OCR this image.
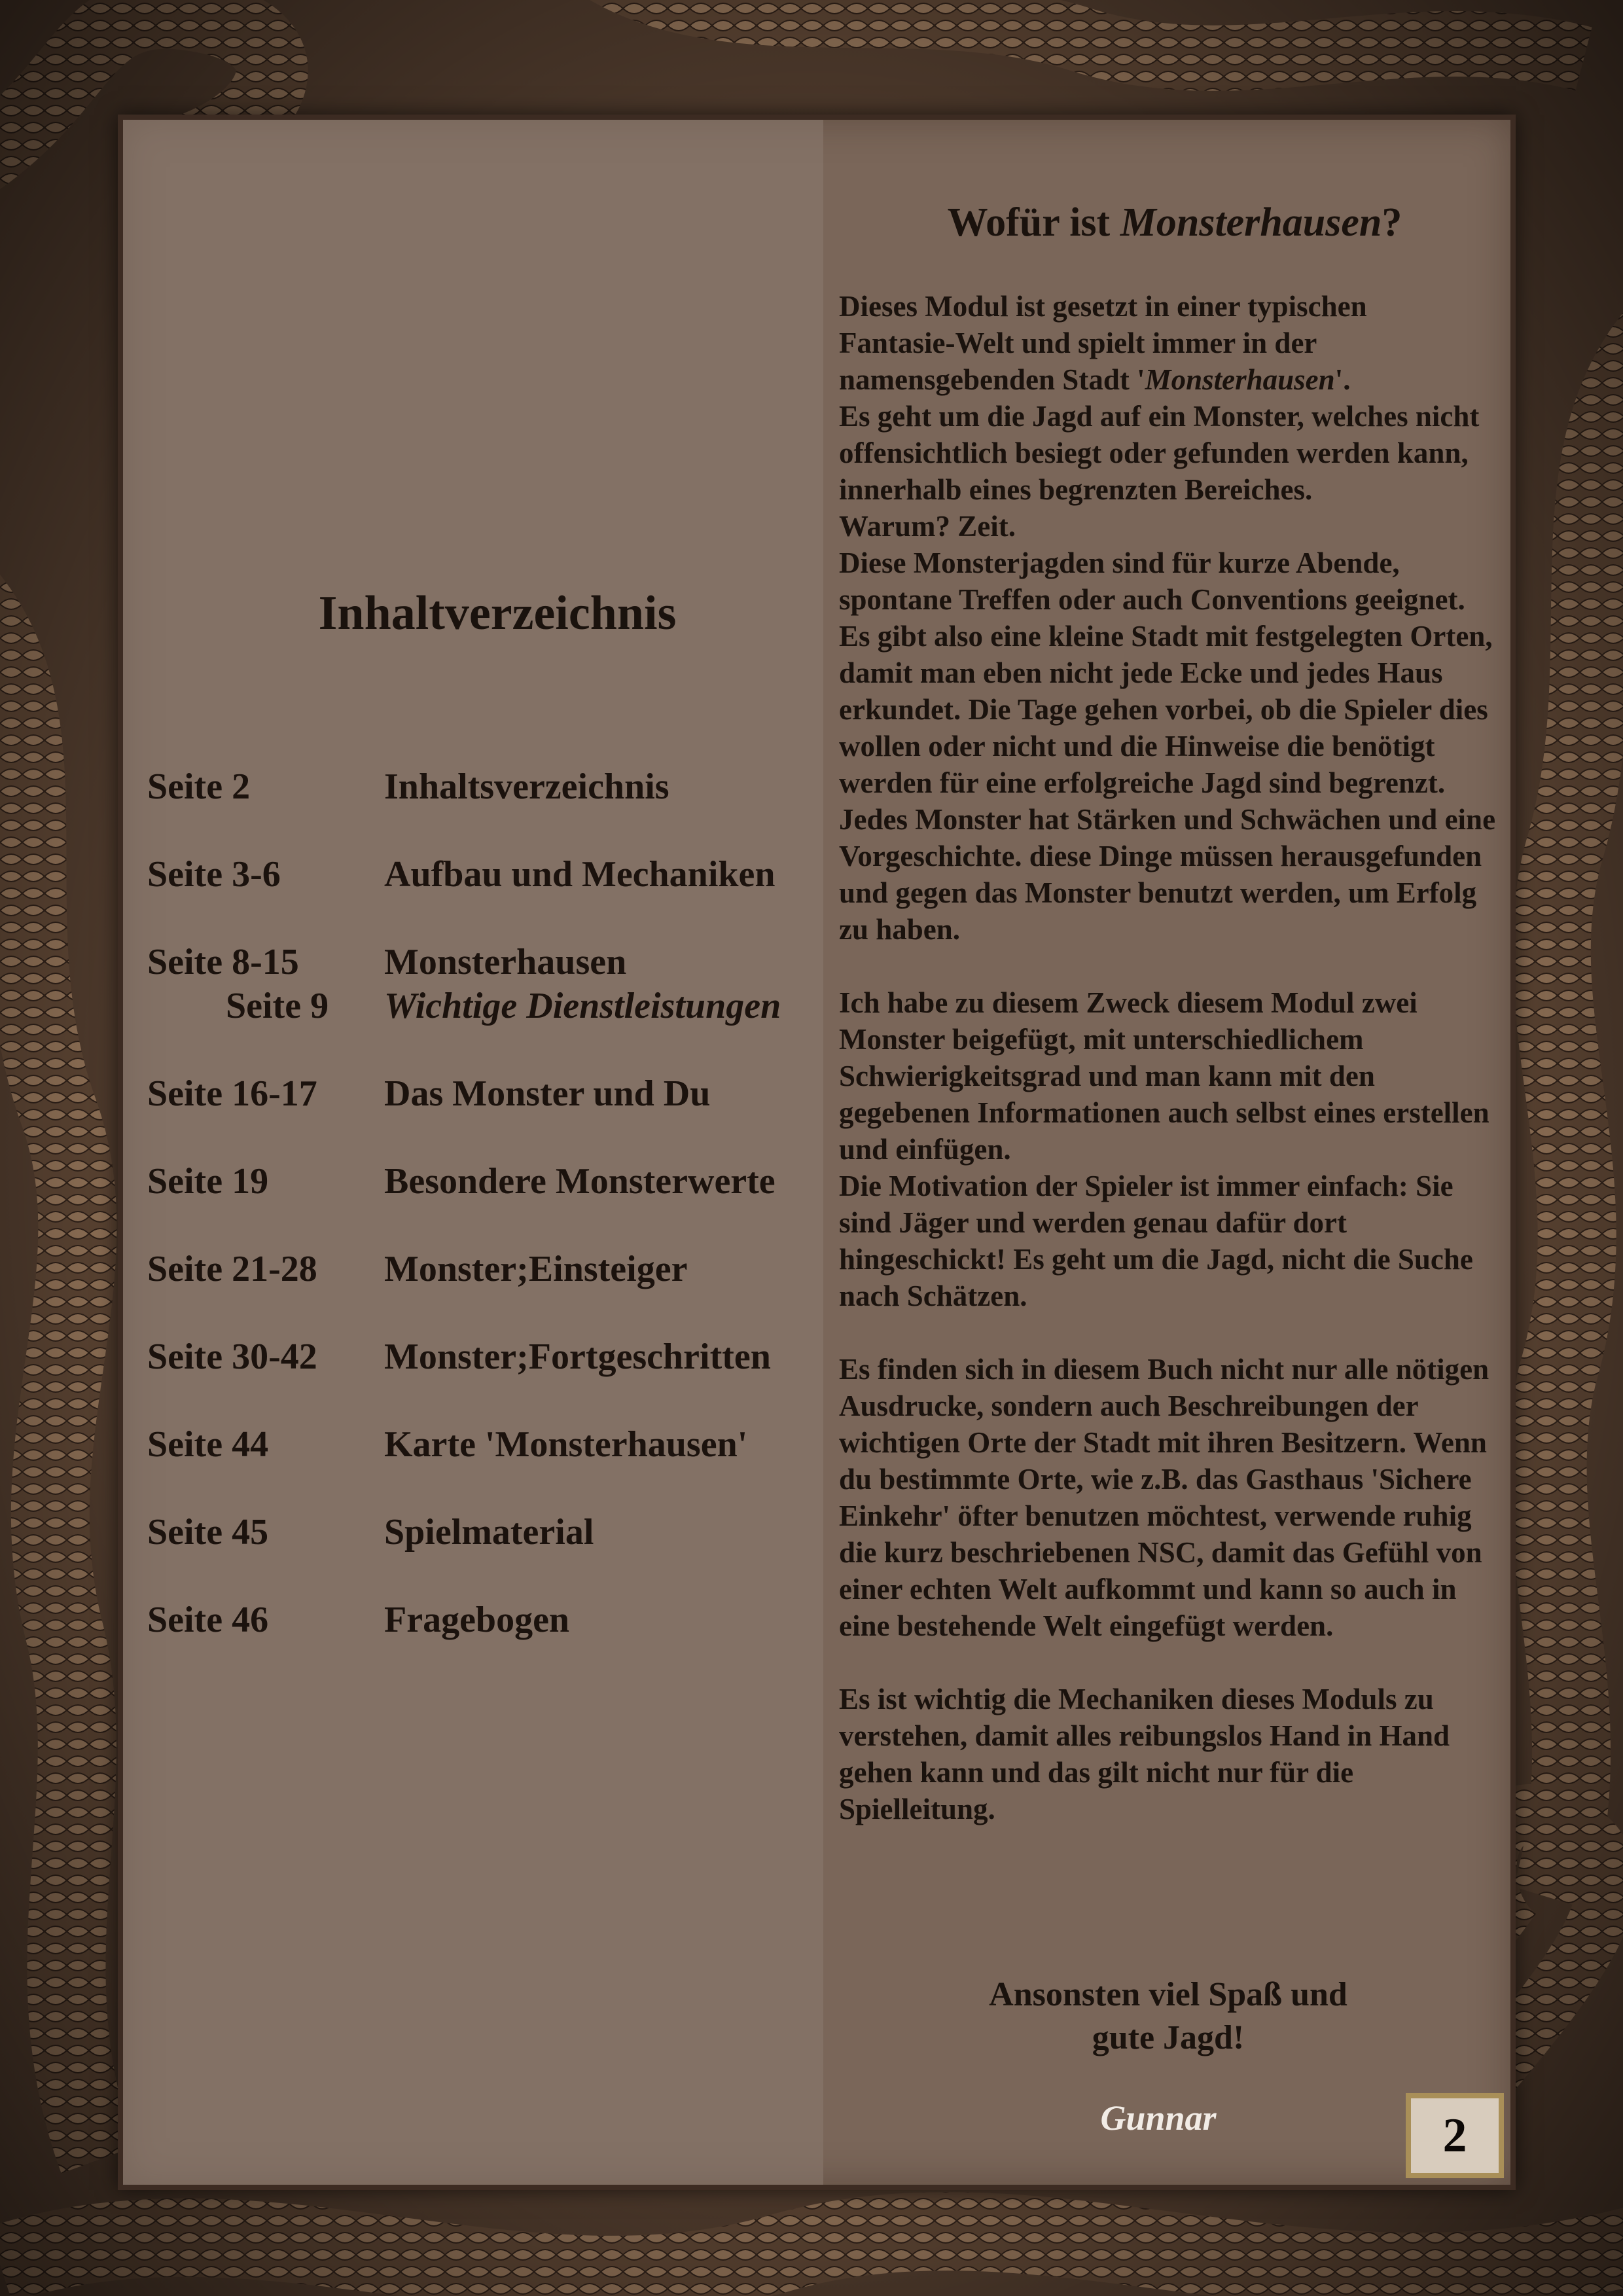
Inhaltverzeichnis
Seite 2	Inhaltsverzeichnis
Seite 3-6	Aufbau und Mechaniken
Seite 8-15 Monsterhausen
Seite 9 Wichtige Dienstleistungen
Seite 16-17 Das Monster und Du
Seite 19	Besondere Monsterwerte
Seite 21-28 Monster;Einsteiger
Seite 30-42 Monster;Fortgeschritten
Seite 44	Karte 'Monsterhausen'
Seite 45	Spielmaterial
Seite 46	Fragebogen
Wofür ist Monsterhausen?

Dieses Modul ist gesetzt in einer typischen

Fantasie-Welt und spielt immer in der

namensgebenden Stadt 'Monsterhausen'.

Es geht um die Jagd auf ein Monster, welches nicht offensichtlich besiegt oder gefunden werden kann, innerhalb eines begrenzten Bereiches.

Warum? Zeit.

Diese Monsterjagden sind für kurze Abende, spontane Treffen oder auch Conventions geeignet. Es gibt also eine kleine Stadt mit festgelegten Orten, damit man eben nicht jede Ecke und jedes Haus erkundet. Die Tage gehen vorbei, ob die Spieler dies wollen oder nicht und die Hinweise die benötigt werden für eine erfolgreiche Jagd sind begrenzt.

Jedes Monster hat Stärken und Schwächen und eine Vorgeschichte. diese Dinge müssen herausgefunden und gegen das Monster benutzt werden, um Erfolg zu haben.

Ich habe zu diesem Zweck diesem Modul zwei Monster beigefügt, mit unterschiedlichem Schwierigkeitsgrad und man kann mit den gegebenen Informationen auch selbst eines erstellen und einfügen.

Die Motivation der Spieler ist immer einfach: Sie sind Jäger und werden genau dafür dort hingeschickt! Es geht um die Jagd, nicht die Suche nach Schätzen.

Es finden sich in diesem Buch nicht nur alle nötigen Ausdrucke, sondern auch Beschreibungen der wichtigen Orte der Stadt mit ihren Besitzern. Wenn du bestimmte Orte, wie z.B. das Gasthaus 'Sichere Einkehr' öfter benutzen möchtest, verwende ruhig die kurz beschriebenen NSC, damit das Gefühl von einer echten Welt aufkommt und kann so auch in eine bestehende Welt eingefügt werden.

Es ist wichtig die Mechaniken dieses Moduls zu verstehen, damit alles reibungslos Hand in Hand gehen kann und das gilt nicht nur für die Spielleitung.

Ansonsten viel Spaß und
gute Jagd!
Gunnar	2
